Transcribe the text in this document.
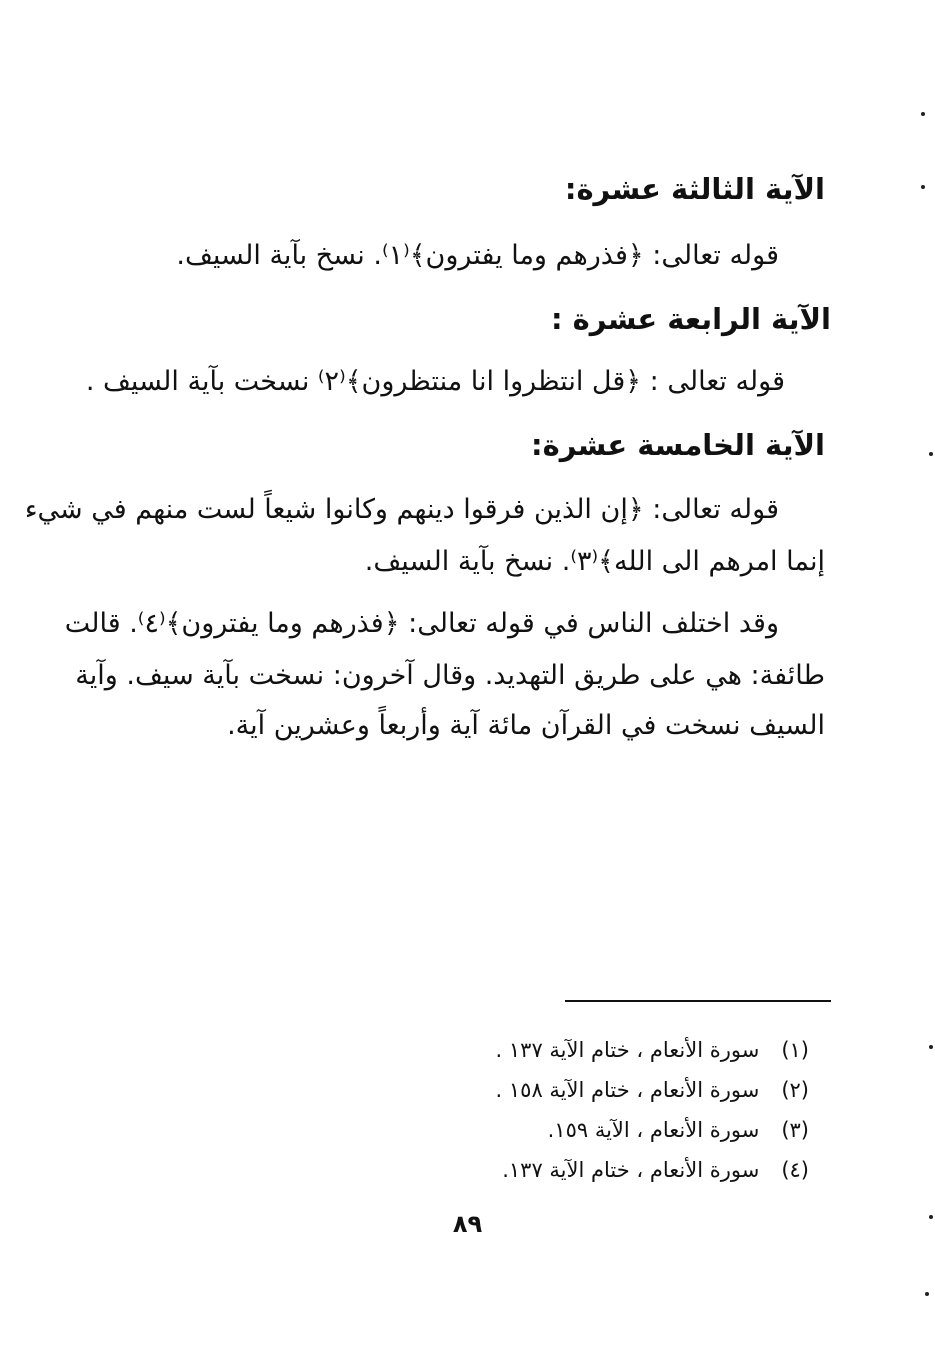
الآية الثالثة عشرة:
قوله تعالى: ﴿فذرهم وما يفترون﴾⁽١⁾. نسخ بآية السيف.
الآية الرابعة عشرة :
قوله تعالى : ﴿قل انتظروا انا منتظرون﴾⁽٢⁾ نسخت بآية السيف .
الآية الخامسة عشرة:
قوله تعالى: ﴿إن الذين فرقوا دينهم وكانوا شيعاً لست منهم في شيء
إنما امرهم الى الله﴾⁽٣⁾. نسخ بآية السيف.
وقد اختلف الناس في قوله تعالى: ﴿فذرهم وما يفترون﴾⁽٤⁾. قالت
طائفة: هي على طريق التهديد. وقال آخرون: نسخت بآية سيف. وآية
السيف نسخت في القرآن مائة آية وأربعاً وعشرين آية.
(١)سورة الأنعام ، ختام الآية ١٣٧ .
(٢)سورة الأنعام ، ختام الآية ١٥٨ .
(٣)سورة الأنعام ، الآية ١٥٩.
(٤)سورة الأنعام ، ختام الآية ١٣٧.
٨٩
